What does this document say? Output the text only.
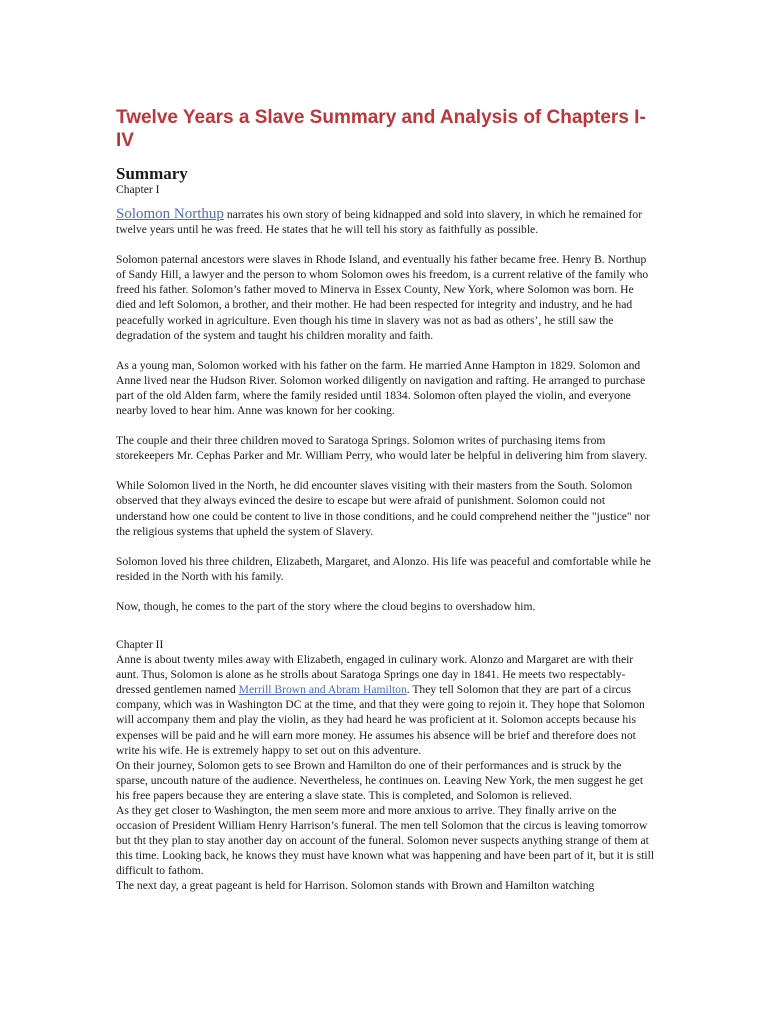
Twelve Years a Slave Summary and Analysis of Chapters I-IV
Summary
Chapter I

Solomon Northup narrates his own story of being kidnapped and sold into slavery, in which he remained for twelve years until he was freed. He states that he will tell his story as faithfully as possible.

Solomon paternal ancestors were slaves in Rhode Island, and eventually his father became free. Henry B. Northup of Sandy Hill, a lawyer and the person to whom Solomon owes his freedom, is a current relative of the family who freed his father. Solomon’s father moved to Minerva in Essex County, New York, where Solomon was born. He died and left Solomon, a brother, and their mother. He had been respected for integrity and industry, and he had peacefully worked in agriculture. Even though his time in slavery was not as bad as others’, he still saw the degradation of the system and taught his children morality and faith.

As a young man, Solomon worked with his father on the farm. He married Anne Hampton in 1829. Solomon and Anne lived near the Hudson River. Solomon worked diligently on navigation and rafting. He arranged to purchase part of the old Alden farm, where the family resided until 1834. Solomon often played the violin, and everyone nearby loved to hear him. Anne was known for her cooking.

The couple and their three children moved to Saratoga Springs. Solomon writes of purchasing items from storekeepers Mr. Cephas Parker and Mr. William Perry, who would later be helpful in delivering him from slavery.

While Solomon lived in the North, he did encounter slaves visiting with their masters from the South. Solomon observed that they always evinced the desire to escape but were afraid of punishment. Solomon could not understand how one could be content to live in those conditions, and he could comprehend neither the "justice" nor the religious systems that upheld the system of Slavery.

Solomon loved his three children, Elizabeth, Margaret, and Alonzo. His life was peaceful and comfortable while he resided in the North with his family.

Now, though, he comes to the part of the story where the cloud begins to overshadow him.

Chapter II

Anne is about twenty miles away with Elizabeth, engaged in culinary work. Alonzo and Margaret are with their aunt. Thus, Solomon is alone as he strolls about Saratoga Springs one day in 1841. He meets two respectably-dressed gentlemen named Merrill Brown and Abram Hamilton. They tell Solomon that they are part of a circus company, which was in Washington DC at the time, and that they were going to rejoin it. They hope that Solomon will accompany them and play the violin, as they had heard he was proficient at it. Solomon accepts because his expenses will be paid and he will earn more money. He assumes his absence will be brief and therefore does not write his wife. He is extremely happy to set out on this adventure.

On their journey, Solomon gets to see Brown and Hamilton do one of their performances and is struck by the sparse, uncouth nature of the audience. Nevertheless, he continues on. Leaving New York, the men suggest he get his free papers because they are entering a slave state. This is completed, and Solomon is relieved.

As they get closer to Washington, the men seem more and more anxious to arrive. They finally arrive on the occasion of President William Henry Harrison’s funeral. The men tell Solomon that the circus is leaving tomorrow but tht they plan to stay another day on account of the funeral. Solomon never suspects anything strange of them at this time. Looking back, he knows they must have known what was happening and have been part of it, but it is still difficult to fathom.

The next day, a great pageant is held for Harrison. Solomon stands with Brown and Hamilton watching
